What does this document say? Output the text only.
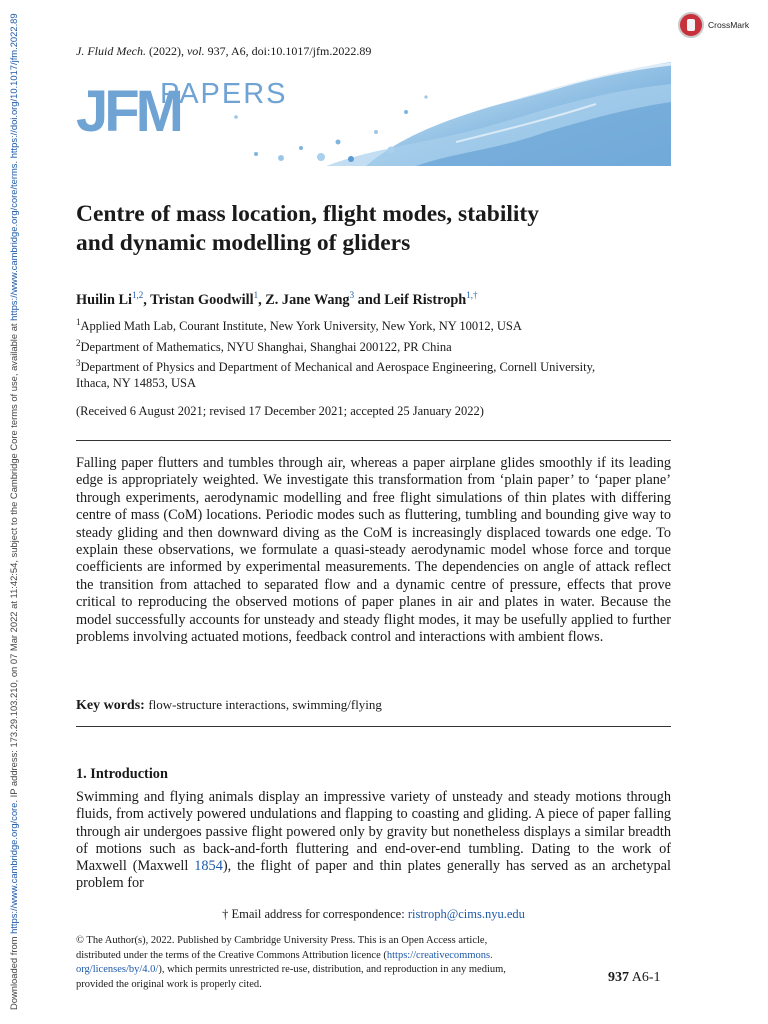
Downloaded from https://www.cambridge.org/core. IP address: 173.29.103.210, on 07 Mar 2022 at 11:42:54, subject to the Cambridge Core terms of use, available at https://www.cambridge.org/core/terms. https://doi.org/10.1017/jfm.2022.89	CrossMark
J. Fluid Mech. (2022), vol. 937, A6, doi:10.1017/jfm.2022.89
JFM
PAPERS
Centre of mass location, flight modes, stability
and dynamic modelling of gliders
Huilin Li$^{1,2}$, Tristan Goodwill$^1$, Z. Jane Wang$^3$ and Leif Ristroph$^{1,\dagger}$
$^1$Applied Math Lab, Courant Institute, New York University, New York, NY 10012, USA
$^2$Department of Mathematics, NYU Shanghai, Shanghai 200122, PR China
$^3$Department of Physics and Department of Mechanical and Aerospace Engineering, Cornell University,
Ithaca, NY 14853, USA
(Received 6 August 2021; revised 17 December 2021; accepted 25 January 2022)

Falling paper flutters and tumbles through air, whereas a paper airplane glides smoothly if its leading edge is appropriately weighted. We investigate this transformation from ‘plain paper’ to ‘paper plane’ through experiments, aerodynamic modelling and free flight simulations of thin plates with differing centre of mass (CoM) locations. Periodic modes such as fluttering, tumbling and bounding give way to steady gliding and then downward diving as the CoM is increasingly displaced towards one edge. To explain these observations, we formulate a quasi-steady aerodynamic model whose force and torque coefficients are informed by experimental measurements. The dependencies on angle of attack reflect the transition from attached to separated flow and a dynamic centre of pressure, effects that prove critical to reproducing the observed motions of paper planes in air and plates in water. Because the model successfully accounts for unsteady and steady flight modes, it may be usefully applied to further problems involving actuated motions, feedback control and interactions with ambient flows.

Key words: flow-structure interactions, swimming/flying
1. Introduction

Swimming and flying animals display an impressive variety of unsteady and steady motions through fluids, from actively powered undulations and flapping to coasting and gliding. A piece of paper falling through air undergoes passive flight powered only by gravity but nonetheless displays a similar breadth of motions such as back-and-forth fluttering and end-over-end tumbling. Dating to the work of Maxwell (Maxwell 1854), the flight of paper and thin plates generally has served as an archetypal problem for

† Email address for correspondence: ristroph@cims.nyu.edu
© The Author(s), 2022. Published by Cambridge University Press. This is an Open Access article,
distributed under the terms of the Creative Commons Attribution licence (https://creativecommons.
org/licenses/by/4.0/), which permits unrestricted re-use, distribution, and reproduction in any medium,
provided the original work is properly cited.	937 A6-1
